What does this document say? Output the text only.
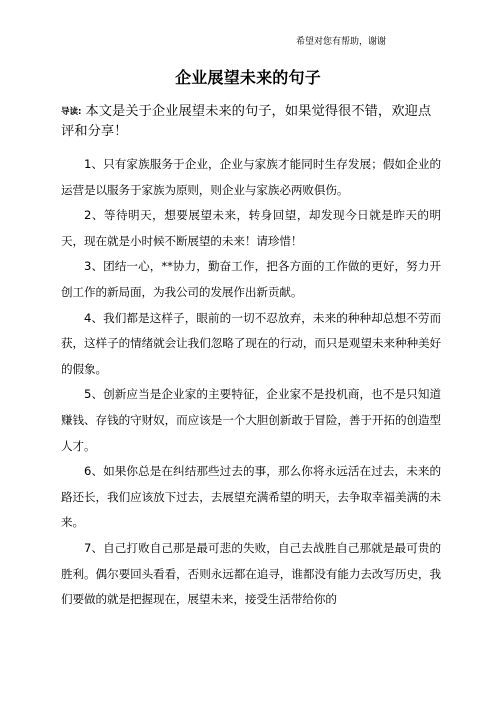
希望对您有帮助，谢谢
企业展望未来的句子
导读: 本文是关于企业展望未来的句子，如果觉得很不错，欢迎点评和分享！

1、只有家族服务于企业，企业与家族才能同时生存发展；假如企业的运营是以服务于家族为原则，则企业与家族必两败俱伤。

2、等待明天，想要展望未来，转身回望，却发现今日就是昨天的明天，现在就是小时候不断展望的未来！请珍惜！

3、团结一心，**协力，勤奋工作，把各方面的工作做的更好，努力开创工作的新局面，为我公司的发展作出新贡献。

4、我们都是这样子，眼前的一切不忍放弃，未来的种种却总想不劳而获，这样子的情绪就会让我们忽略了现在的行动，而只是观望未来种种美好的假象。

5、创新应当是企业家的主要特征，企业家不是投机商，也不是只知道赚钱、存钱的守财奴，而应该是一个大胆创新敢于冒险，善于开拓的创造型人才。

6、如果你总是在纠结那些过去的事，那么你将永远活在过去，未来的路还长，我们应该放下过去，去展望充满希望的明天，去争取幸福美满的未来。

7、自己打败自己那是最可悲的失败，自己去战胜自己那就是最可贵的胜利。偶尔要回头看看，否则永远都在追寻，谁都没有能力去改写历史，我们要做的就是把握现在，展望未来，接受生活带给你的
